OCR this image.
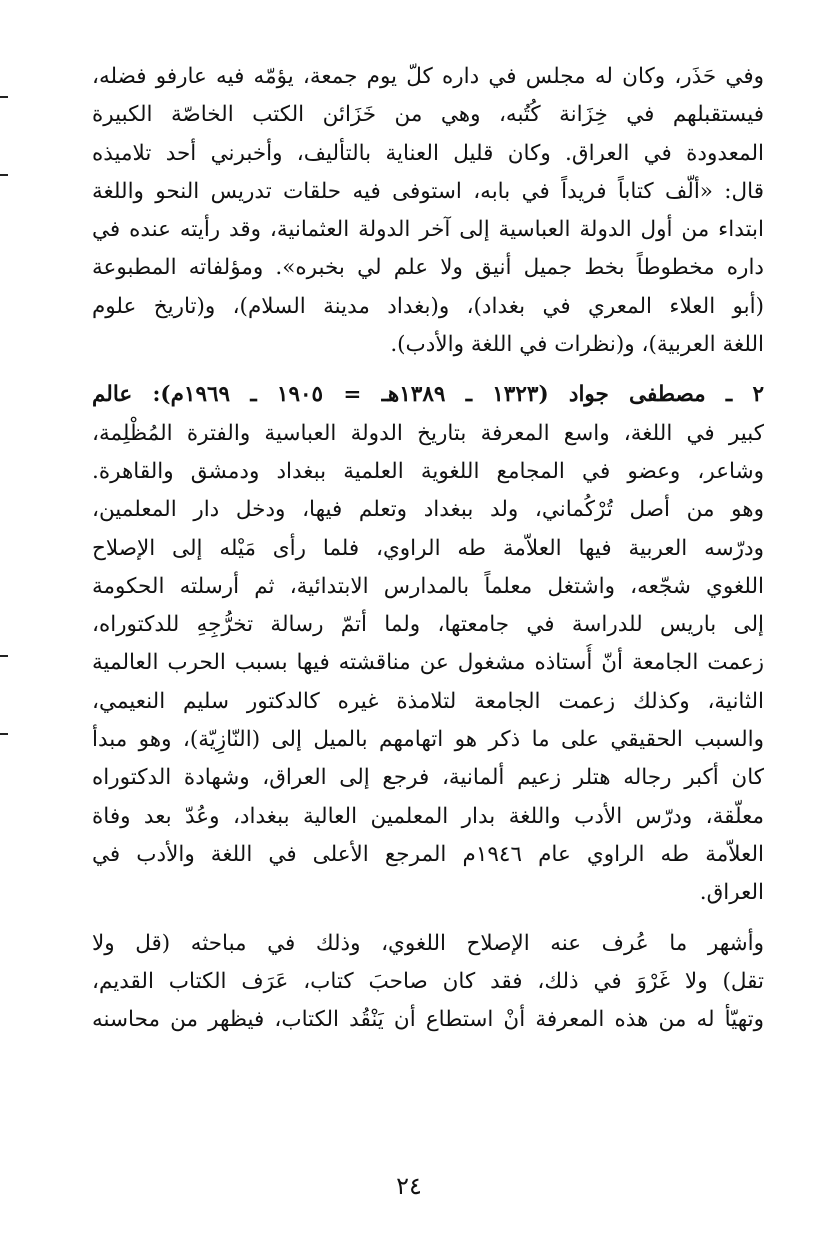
وفي حَذَر، وكان له مجلس في داره كلّ يوم جمعة، يؤمّه فيه عارفو فضله،
فيستقبلهم في خِزَانة كُتُبه، وهي من خَزَائن الكتب الخاصّة الكبيرة
المعدودة في العراق. وكان قليل العناية بالتأليف، وأخبرني أحد تلاميذه
قال: «ألّف كتاباً فريداً في بابه، استوفى فيه حلقات تدريس النحو واللغة
ابتداء من أول الدولة العباسية إلى آخر الدولة العثمانية، وقد رأيته عنده في
داره مخطوطاً بخط جميل أنيق ولا علم لي بخبره». ومؤلفاته المطبوعة
(أبو العلاء المعري في بغداد)، و(بغداد مدينة السلام)، و(تاريخ علوم
اللغة العربية)، و(نظرات في اللغة والأدب).
٢ ـ مصطفى جواد (١٣٢٣ ـ ١٣٨٩هـ = ١٩٠٥ ـ ١٩٦٩م): عالم
كبير في اللغة، واسع المعرفة بتاريخ الدولة العباسية والفترة المُظْلِمة،
وشاعر، وعضو في المجامع اللغوية العلمية ببغداد ودمشق والقاهرة.
وهو من أصل تُرْكُماني، ولد ببغداد وتعلم فيها، ودخل دار المعلمين،
ودرّسه العربية فيها العلاّمة طه الراوي، فلما رأى مَيْله إلى الإصلاح
اللغوي شجّعه، واشتغل معلماً بالمدارس الابتدائية، ثم أرسلته الحكومة
إلى باريس للدراسة في جامعتها، ولما أتمّ رسالة تخرُّجِهِ للدكتوراه،
زعمت الجامعة أنّ أُستاذه مشغول عن مناقشته فيها بسبب الحرب العالمية
الثانية، وكذلك زعمت الجامعة لتلامذة غيره كالدكتور سليم النعيمي،
والسبب الحقيقي على ما ذكر هو اتهامهم بالميل إلى (النّازِيّة)، وهو مبدأ
كان أكبر رجاله هتلر زعيم ألمانية، فرجع إلى العراق، وشهادة الدكتوراه
معلّقة، ودرّس الأدب واللغة بدار المعلمين العالية ببغداد، وعُدّ بعد وفاة
العلاّمة طه الراوي عام ١٩٤٦م المرجع الأعلى في اللغة والأدب في
العراق.
وأشهر ما عُرف عنه الإصلاح اللغوي، وذلك في مباحثه (قل ولا
تقل) ولا غَرْوَ في ذلك، فقد كان صاحبَ كتاب، عَرَف الكتاب القديم،
وتهيّأ له من هذه المعرفة أنْ استطاع أن يَنْقُد الكتاب، فيظهر من محاسنه
٢٤
